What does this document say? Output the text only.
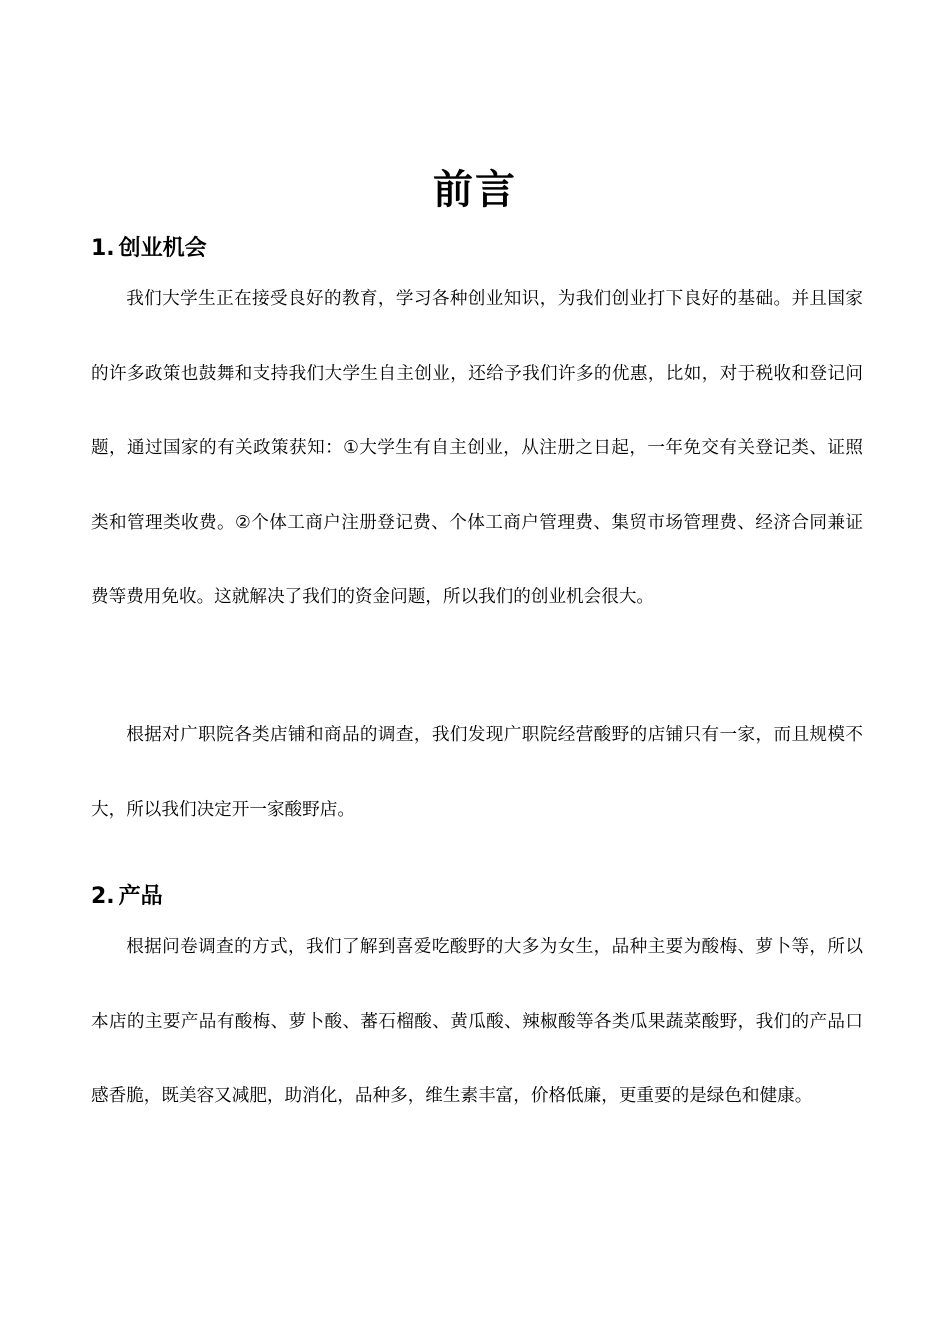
前言
1. 创业机会

我们大学生正在接受良好的教育，学习各种创业知识，为我们创业打下良好的基础。并且国家的许多政策也鼓舞和支持我们大学生自主创业，还给予我们许多的优惠，比如，对于税收和登记问题，通过国家的有关政策获知：①大学生有自主创业，从注册之日起，一年免交有关登记类、证照类和管理类收费。②个体工商户注册登记费、个体工商户管理费、集贸市场管理费、经济合同兼证费等费用免收。这就解决了我们的资金问题，所以我们的创业机会很大。

根据对广职院各类店铺和商品的调查，我们发现广职院经营酸野的店铺只有一家，而且规模不大，所以我们决定开一家酸野店。

2. 产品

根据问卷调查的方式，我们了解到喜爱吃酸野的大多为女生，品种主要为酸梅、萝卜等，所以本店的主要产品有酸梅、萝卜酸、蕃石榴酸、黄瓜酸、辣椒酸等各类瓜果蔬菜酸野，我们的产品口感香脆，既美容又减肥，助消化，品种多，维生素丰富，价格低廉，更重要的是绿色和健康。
